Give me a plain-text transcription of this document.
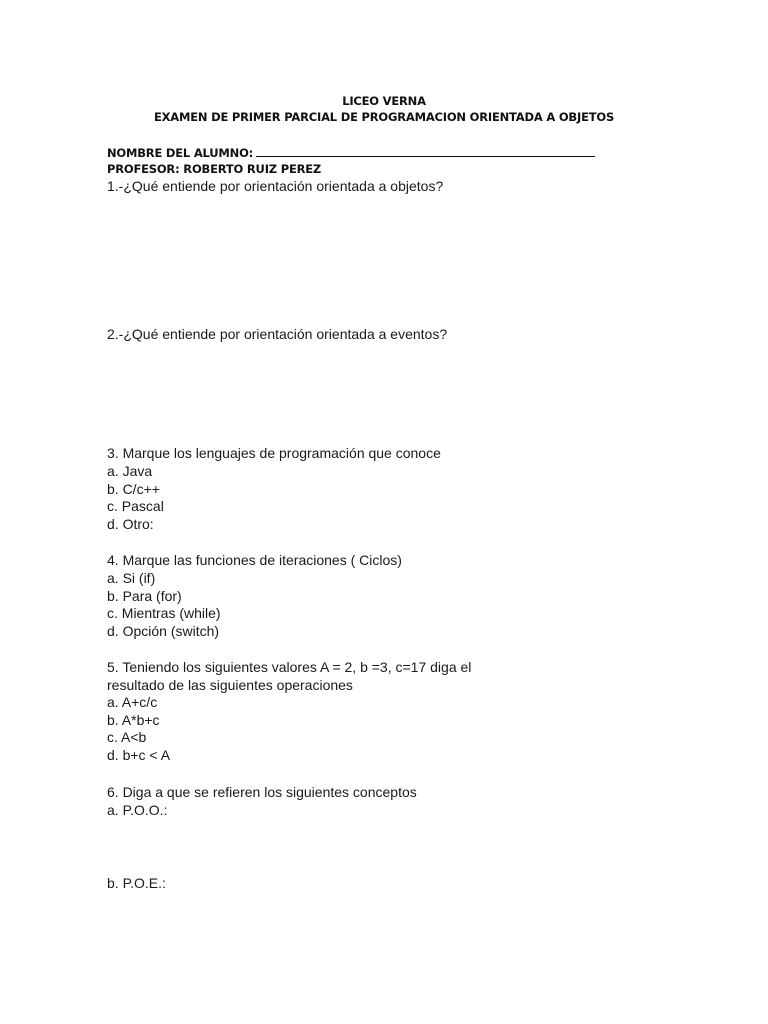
LICEO VERNA
EXAMEN DE PRIMER PARCIAL DE PROGRAMACION ORIENTADA A OBJETOS
NOMBRE DEL ALUMNO:
PROFESOR: ROBERTO RUIZ PEREZ
1.-¿Qué entiende por orientación orientada a objetos?
2.-¿Qué entiende por orientación orientada a eventos?
3. Marque los lenguajes de programación que conoce
a. Java
b. C/c++
c. Pascal
d. Otro:
4. Marque las funciones de iteraciones ( Ciclos)
a. Si (if)
b. Para (for)
c. Mientras (while)
d. Opción (switch)
5. Teniendo los siguientes valores A = 2, b =3, c=17 diga el
resultado de las siguientes operaciones
a. A+c/c
b. A*b+c
c. A<b
d. b+c < A
6. Diga a que se refieren los siguientes conceptos
a. P.O.O.:
b. P.O.E.:
